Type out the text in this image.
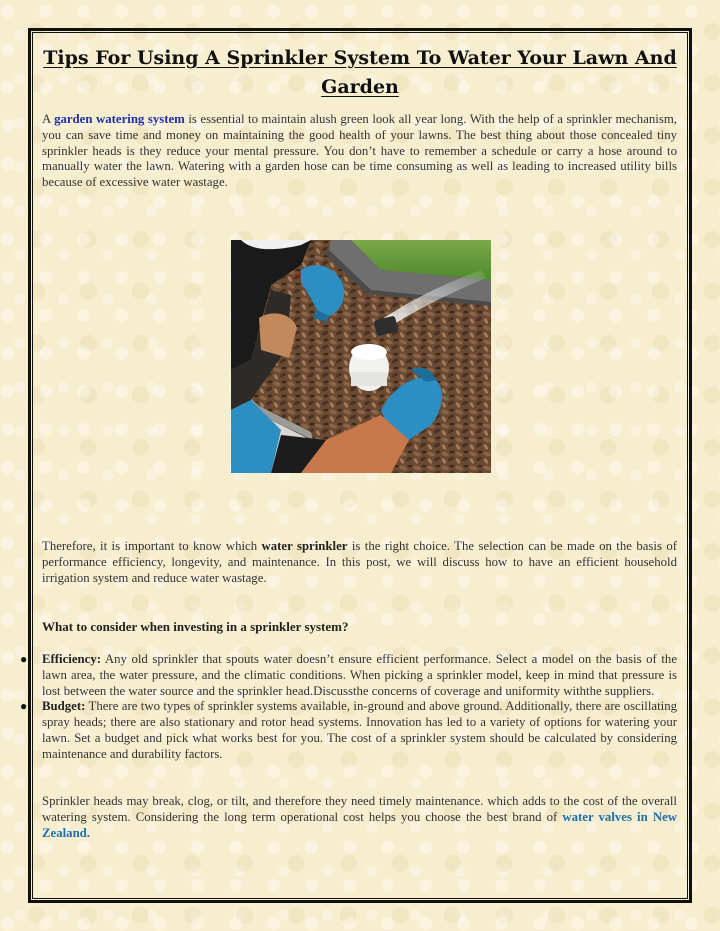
Tips For Using A Sprinkler System To Water Your Lawn And Garden

A garden watering system is essential to maintain alush green look all year long. With the help of a sprinkler mechanism, you can save time and money on maintaining the good health of your lawns. The best thing about those concealed tiny sprinkler heads is they reduce your mental pressure. You don’t have to remember a schedule or carry a hose around to manually water the lawn. Watering with a garden hose can be time consuming as well as leading to increased utility bills because of excessive water wastage.

Therefore, it is important to know which water sprinkler is the right choice. The selection can be made on the basis of performance efficiency, longevity, and maintenance. In this post, we will discuss how to have an efficient household irrigation system and reduce water wastage.

What to consider when investing in a sprinkler system?
● Efficiency: Any old sprinkler that spouts water doesn’t ensure efficient performance. Select a model on the basis of the lawn area, the water pressure, and the climatic conditions. When picking a sprinkler model, keep in mind that pressure is lost between the water source and the sprinkler head.Discussthe concerns of coverage and uniformity withthe suppliers.
● Budget: There are two types of sprinkler systems available, in-ground and above ground. Additionally, there are oscillating spray heads; there are also stationary and rotor head systems. Innovation has led to a variety of options for watering your lawn. Set a budget and pick what works best for you. The cost of a sprinkler system should be calculated by considering maintenance and durability factors.

Sprinkler heads may break, clog, or tilt, and therefore they need timely maintenance. which adds to the cost of the overall watering system. Considering the long term operational cost helps you choose the best brand of water valves in New Zealand.
